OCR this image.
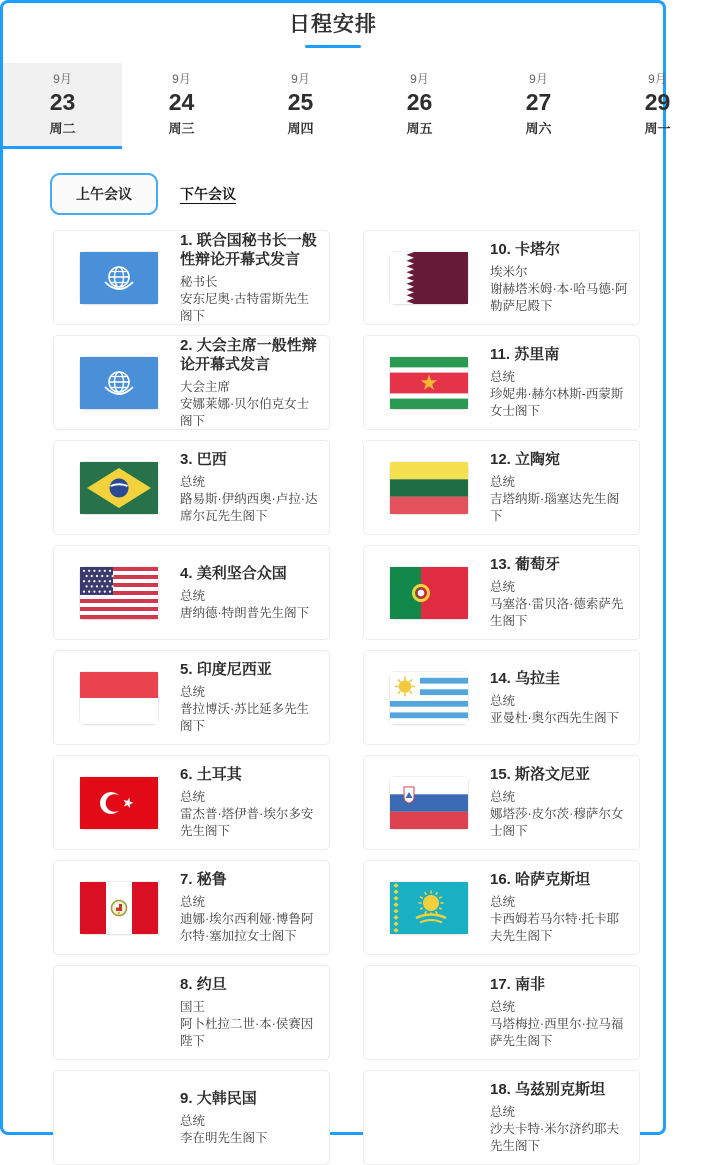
日程安排
9月
23
周二
9月
24
周三
9月
25
周四
9月
26
周五
9月
27
周六
9月
29
周一
上午会议	下午会议
1. 联合国秘书长一般性辩论开幕式发言
秘书长
安东尼奥·古特雷斯先生阁下
2. 大会主席一般性辩论开幕式发言
大会主席
安娜莱娜·贝尔伯克女士阁下
3. 巴西
总统
路易斯·伊纳西奥·卢拉·达席尔瓦先生阁下
4. 美利坚合众国
总统
唐纳德·特朗普先生阁下
5. 印度尼西亚
总统
普拉博沃·苏比延多先生阁下
6. 土耳其
总统
雷杰普·塔伊普·埃尔多安先生阁下
7. 秘鲁
总统
迪娜·埃尔西利娅·博鲁阿尔特·塞加拉女士阁下
8. 约旦
国王
阿卜杜拉二世·本·侯赛因陛下
9. 大韩民国
总统
李在明先生阁下
10. 卡塔尔
埃米尔
谢赫塔米姆·本·哈马德·阿勒萨尼殿下
11. 苏里南
总统
珍妮弗·赫尔林斯-西蒙斯女士阁下
12. 立陶宛
总统
吉塔纳斯·瑙塞达先生阁下
13. 葡萄牙
总统
马塞洛·雷贝洛·德索萨先生阁下
14. 乌拉圭
总统
亚曼杜·奥尔西先生阁下
15. 斯洛文尼亚
总统
娜塔莎·皮尔茨·穆萨尔女士阁下
16. 哈萨克斯坦
总统
卡西姆若马尔特·托卡耶夫先生阁下
17. 南非
总统
马塔梅拉·西里尔·拉马福萨先生阁下
18. 乌兹别克斯坦
总统
沙夫卡特·米尔济约耶夫先生阁下
